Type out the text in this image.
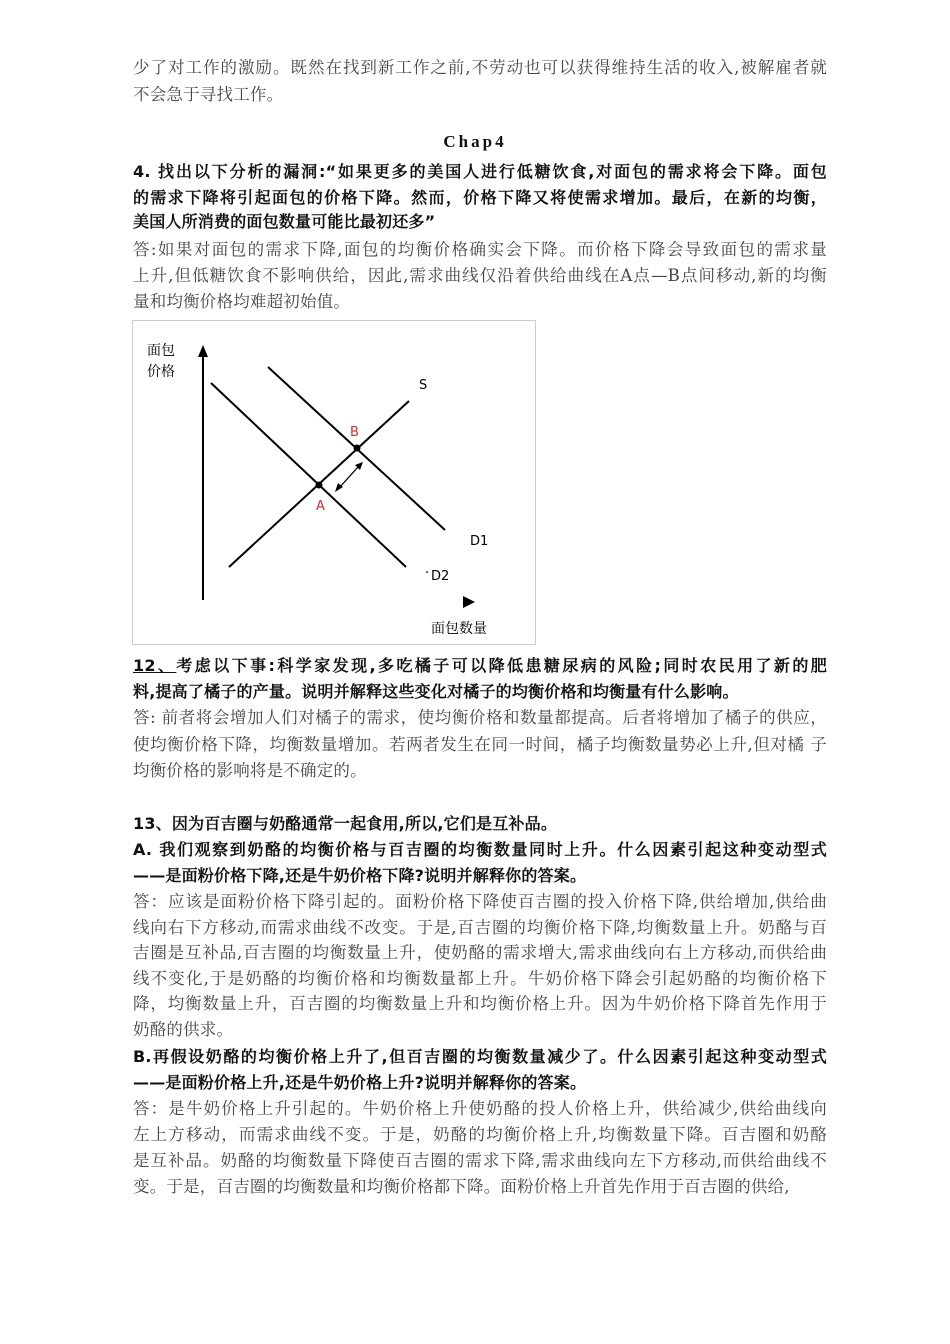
少了对工作的激励。既然在找到新工作之前,不劳动也可以获得维持生活的收入,被解雇者就
不会急于寻找工作。
4. 找出以下分析的漏洞:“如果更多的美国人进行低糖饮食,对面包的需求将会下降。面包
的需求下降将引起面包的价格下降。然而，价格下降又将使需求增加。最后，在新的均衡，
美国人所消费的面包数量可能比最初还多”
答:如果对面包的需求下降,面包的均衡价格确实会下降。而价格下降会导致面包的需求量
上升,但低糖饮食不影响供给，因此,需求曲线仅沿着供给曲线在A点—B点间移动,新的均衡
量和均衡价格均难超初始值。
12、考虑以下事:科学家发现,多吃橘子可以降低患糖尿病的风险;同时农民用了新的肥
料,提高了橘子的产量。说明并解释这些变化对橘子的均衡价格和均衡量有什么影响。
答: 前者将会增加人们对橘子的需求，使均衡价格和数量都提高。后者将增加了橘子的供应，
使均衡价格下降，均衡数量增加。若两者发生在同一时间，橘子均衡数量势必上升,但对橘 子
均衡价格的影响将是不确定的。
A. 我们观察到奶酪的均衡价格与百吉圈的均衡数量同时上升。什么因素引起这种变动型式
——是面粉价格下降,还是牛奶价格下降?说明并解释你的答案。
答：应该是面粉价格下降引起的。面粉价格下降使百吉圈的投入价格下降,供给增加,供给曲
线向右下方移动,而需求曲线不改变。于是,百吉圈的均衡价格下降,均衡数量上升。奶酪与百
吉圈是互补品,百吉圈的均衡数量上升，使奶酪的需求增大,需求曲线向右上方移动,而供给曲
线不变化,于是奶酪的均衡价格和均衡数量都上升。牛奶价格下降会引起奶酪的均衡价格下
降，均衡数量上升，百吉圈的均衡数量上升和均衡价格上升。因为牛奶价格下降首先作用于
奶酪的供求。
B.再假设奶酪的均衡价格上升了,但百吉圈的均衡数量减少了。什么因素引起这种变动型式
——是面粉价格上升,还是牛奶价格上升?说明并解释你的答案。
答：是牛奶价格上升引起的。牛奶价格上升使奶酪的投人价格上升，供给减少,供给曲线向
左上方移动，而需求曲线不变。于是，奶酪的均衡价格上升,均衡数量下降。百吉圈和奶酪
是互补品。奶酪的均衡数量下降使百吉圈的需求下降,需求曲线向左下方移动,而供给曲线不
变。于是，百吉圈的均衡数量和均衡价格都下降。面粉价格上升首先作用于百吉圈的供给,
13、因为百吉圈与奶酪通常一起食用,所以,它们是互补品。
Chap4
面包
价格
S
B
A
D1
· D2
面包数量
